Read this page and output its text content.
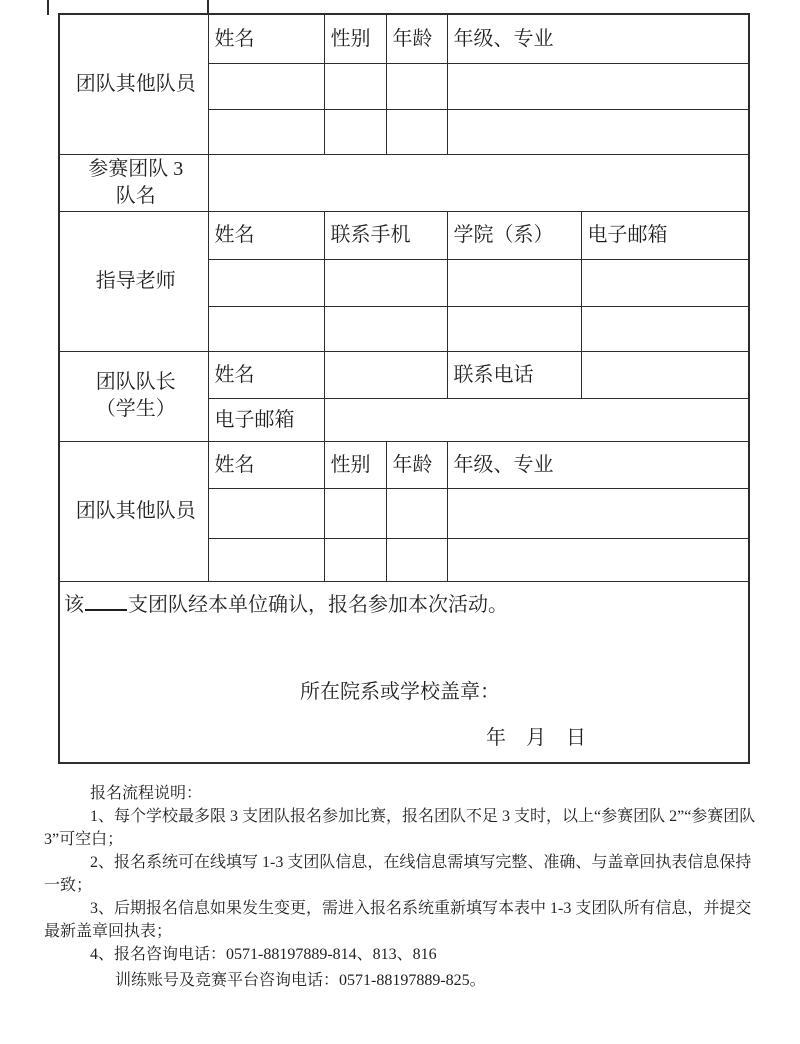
团队其他队员	姓名	性别	年龄	年级、专业	

参赛团队 3
队名					

指导老师	姓名	联系手机		学院（系）	电子邮箱

团队队长
（学生）	姓名			联系电话	
	电子邮箱				

团队其他队员	姓名	性别	年龄	年级、专业	

该 支团队经本单位确认，报名参加本次活动。
所在院系或学校盖章：
年　月　日					

报名流程说明：

1、每个学校最多限 3 支团队报名参加比赛，报名团队不足 3 支时，以上“参赛团队 2”“参赛团队 3”可空白；

2、报名系统可在线填写 1-3 支团队信息，在线信息需填写完整、准确、与盖章回执表信息保持一致；

3、后期报名信息如果发生变更，需进入报名系统重新填写本表中 1-3 支团队所有信息，并提交最新盖章回执表；

4、报名咨询电话：0571-88197889-814、813、816

训练账号及竞赛平台咨询电话：0571-88197889-825。
